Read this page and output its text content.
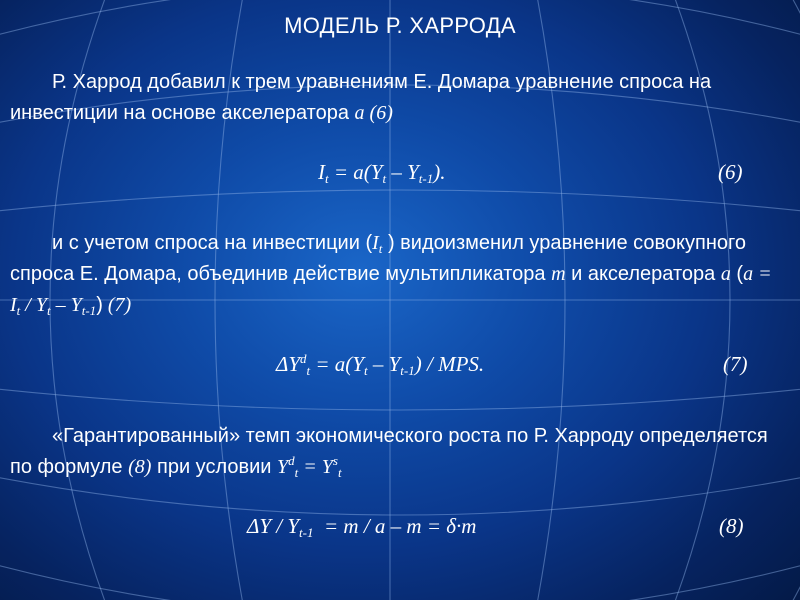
МОДЕЛЬ Р. ХАРРОДА
Р. Харрод добавил к трем уравнениям Е. Домара уравнение спроса на инвестиции на основе акселератора а (6)
$I_t = a(Y_t - Y_{t-1})$.	(6)
и с учетом спроса на инвестиции ($I_t$ ) видоизменил уравнение совокупного спроса Е. Домара, объединив действие мультипликатора m и акселератора a $(a = I_t / Y_t - Y_{t-1})$ (7)
$\Delta Y^d_t = a(Y_t - Y_{t-1})$ / MPS.	(7)
«Гарантированный» темп экономического роста по Р. Харроду определяется по формуле (8) при условии $Y^d_t = Y^s_t$
$\Delta Y / Y_{t-1} = m / a - m = \delta\cdot m$	(8)
